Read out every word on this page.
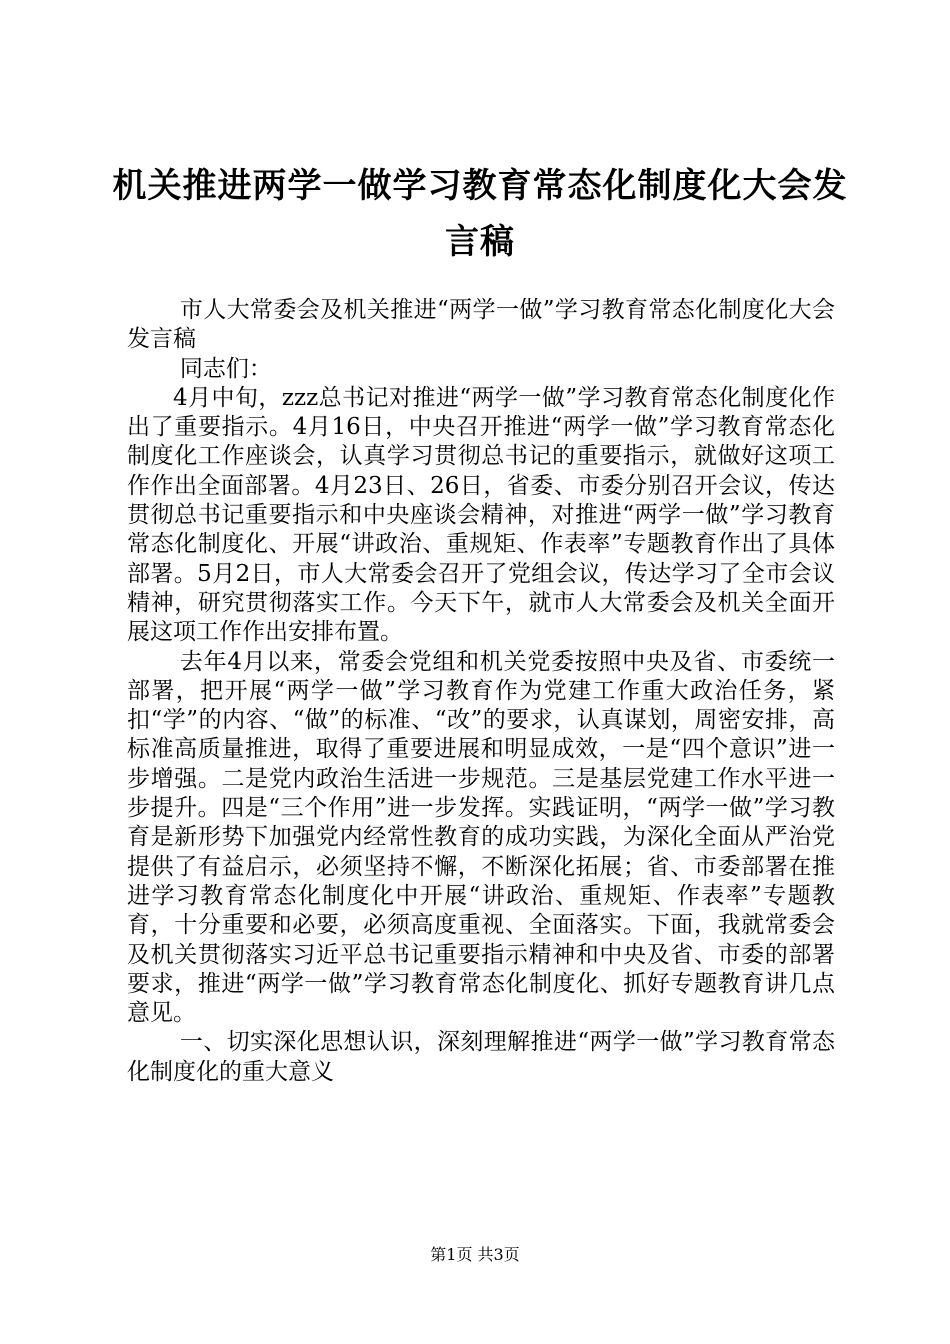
机关推进两学一做学习教育常态化制度化大会发言稿

市人大常委会及机关推进“两学一做”学习教育常态化制度化大会发言稿

同志们：

4月中旬，zzz总书记对推进“两学一做”学习教育常态化制度化作出了重要指示。4月16日，中央召开推进“两学一做”学习教育常态化制度化工作座谈会，认真学习贯彻总书记的重要指示，就做好这项工作作出全面部署。4月23日、26日，省委、市委分别召开会议，传达贯彻总书记重要指示和中央座谈会精神，对推进“两学一做”学习教育常态化制度化、开展“讲政治、重规矩、作表率”专题教育作出了具体部署。5月2日，市人大常委会召开了党组会议，传达学习了全市会议精神，研究贯彻落实工作。今天下午，就市人大常委会及机关全面开展这项工作作出安排布置。

去年4月以来，常委会党组和机关党委按照中央及省、市委统一部署，把开展“两学一做”学习教育作为党建工作重大政治任务，紧扣“学”的内容、“做”的标准、“改”的要求，认真谋划，周密安排，高标准高质量推进，取得了重要进展和明显成效，一是“四个意识”进一步增强。二是党内政治生活进一步规范。三是基层党建工作水平进一步提升。四是“三个作用”进一步发挥。实践证明，“两学一做”学习教育是新形势下加强党内经常性教育的成功实践，为深化全面从严治党提供了有益启示，必须坚持不懈，不断深化拓展；省、市委部署在推进学习教育常态化制度化中开展“讲政治、重规矩、作表率”专题教育，十分重要和必要，必须高度重视、全面落实。下面，我就常委会及机关贯彻落实习近平总书记重要指示精神和中央及省、市委的部署要求，推进“两学一做”学习教育常态化制度化、抓好专题教育讲几点意见。

一、切实深化思想认识，深刻理解推进“两学一做”学习教育常态化制度化的重大意义

第1页 共3页
